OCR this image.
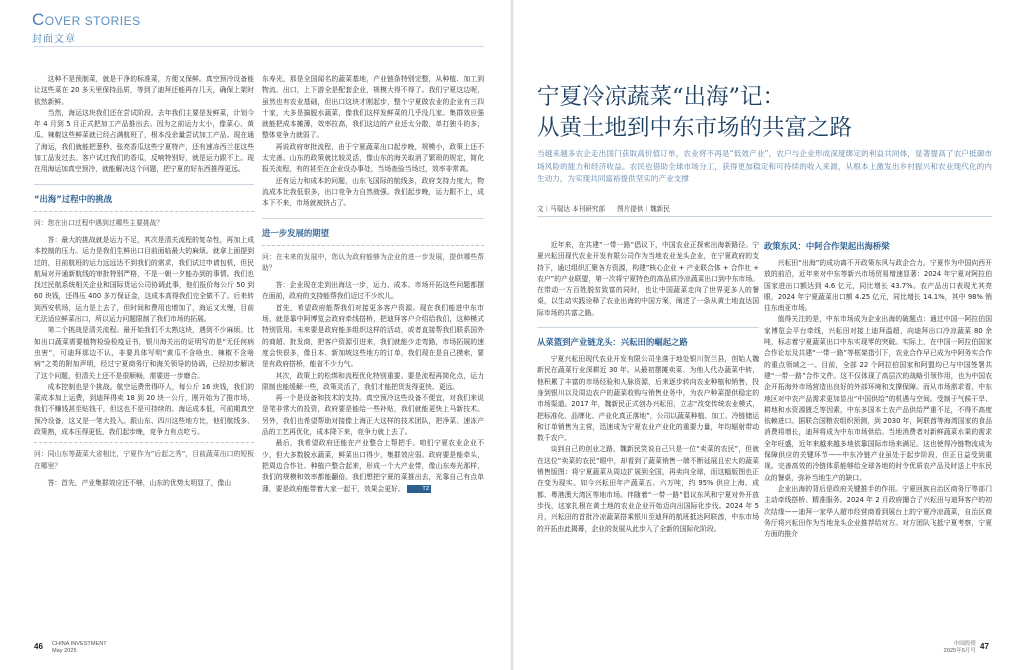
COVER STORIES
封面文章

这种不是预制菜，就是干净的标准菜，方便又保鲜。真空预冷设备能让这些菜在 20 多天里保持品质，等到了迪拜还能再存几天，确保上架时依然新鲜。

当然，海运这块我们还在尝试阶段。去年我们主要是发鲜菜，计划今年 4 月到 5 月正式把加工产品推出去。因为之前运力太小，像菜心、黄瓜、辣椒这些鲜菜就已经占满航班了，根本没余量尝试加工产品。现在通了海运，我们就能把葱秒、张亮香瓜这些宁夏特产，还有速冻西兰花这些加工品发过去。客户试过我们的香瓜，反响特别好，就是运力跟不上。现在用海运加真空预冷，就能解决这个问题，把宁夏的好东西推得更远。

“出海”过程中的挑战
问：您在出口过程中遇到过哪些主要挑战？

答：最大的挑战就是运力不足，其次是清关流程的复杂性，再加上成本控制的压力。运力是我们生鲜出口目前面临最大的麻烦。就拿上面提到过的，目前航班的运力远远达不到我们的需求，我们试过申请包机，但民航局对开通新航线的审批特别严格，不是一朝一夕能办到的事情。我们也找过民航系统相关企业和国际货运公司协调此事，他们报价每公斤 50 到 60 块钱，还得压 400 多万保证金，这成本高得我们完全做不了。后来转到西安机场，运力是上去了，但时间和费用也增加了，海运又太慢，目前无法适应鲜菜出口，所以运力问题限制了我们市场的拓展。

第二个挑战是清关流程。最开始我们不太熟这块，遇到不少麻烦。比如出口蔬菜需要植物检验检疫证书，银川海关出的证明写的是“无任何病虫害”，可迪拜那边不认，非要具体写明“黄瓜不含啥虫、辣椒不含啥病”之类的附加声明，经过宁夏商务厅和海关领导的协调，已经初步解决了这个问题，但清关上还不是很顺畅，需要进一步磨合。

成本控制也是个挑战。航空运费贵得吓人，每公斤 16 块钱，我们的菜成本加上运费，到迪拜得卖 18 到 20 块一公斤，刚开始为了推市场，我们不赚钱甚至贴钱干，但这也不是可持续的。海运成本低，可前期真空预冷设备，这又是一笔大投入。跟山东、四川这些地方比，他们航线多、政策熟，成本压得更低，我们起步晚，竞争力有点吃亏。

问：同山东等蔬菜大省相比，宁夏作为“后起之秀”，目前蔬菜出口的短板在哪里？

答：首先，产业集群效应还不够，山东的优势太明显了，像山

东寿光，那是全国闻名的蔬菜基地，产业链条特别完整，从种植、加工到物流、出口，上下游全是配套企业，规模大得不得了。我们宁夏这边呢，虽然也有农业基础，但出口这块才刚起步，整个宁夏做农业的企业有三四十家，大多是搞脱水蔬菜，像我们这样发鲜菜的几乎没几家。集群效应强就能把成本摊薄，效率拉高，我们这边的产业还太分散，单打独斗的多，整体竞争力就弱了。

再说政府审批流程，由于宁夏蔬菜出口起步晚，规模小，政策上还不太完善。山东的政策就比较灵活，像山东的海关取消了繁琐的规定，简化报关流程，有的甚至在企业设办事处，当场查验当场过，效率非常高。

还有运力和成本的问题，山东飞国际的航线多，政府支持力度大，物流成本比我低很多，出口竞争力自然就强。我们起步晚，运力跟不上，成本下不来，市场就被挤占了。

进一步发展的期望
问：在未来的发展中，您认为政府能够为企业的进一步发展，提供哪些帮助？

答：企业现在走到出海这一步，运力、成本、市场开拓这些问题都摆在面前，政府的支持能帮我们迈过不少坎儿。

首先，希望政府能帮我们对接更多客户资源。现在我们能进中东市场，就是靠中阿博览会政府牵线搭桥，把迪拜客户介绍给我们，这种模式特别管用。未来要是政府能多组织这样的活动，或者直接帮我们联系国外的商超、批发商，把客户资源引进来，我们就能少走弯路，市场拓展的速度会快很多，像日本、新加坡这些地方的订单，我们现在是自己摸索，要是有政府搭桥，能省不少力气。

其次，政策上的松绑和流程优化特别重要。要是流程再简化点，运力限制也能缓解一些，政策灵活了，我们才能把货发得更快、更远。

再一个是设备和技术的支持。真空预冷这些设备不便宜，对我们来说是笔非常大的投资，政府要是能给一些补贴，我们就能更快上马新技术。另外，我们也希望帮助对接像上海正大这样的技术团队，把净菜、速冻产品的工艺再优化，成本降下来，竞争力就上去了。

最后，我希望政府还能在产业整合上帮把手。咱们宁夏农业企业不少，但大多数脱水蔬菜，鲜菜出口得少，集群效应弱。政府要是能牵头，把周边合作社、种植户整合起来，形成一个大产业带，像山东寿光那样，我们的规模和效率都能翻倍。我们想把宁夏的菜推出去，光靠自己有点单薄，要是政府能带着大家一起干，效果会更好。	TZ

宁夏冷凉蔬菜“出海”记：
从黄土地到中东市场的共富之路
当越来越多农企走出国门获取高价值订单，农业将不再是“低效产业”，农户与企业形成深度绑定的利益共同体，显著提高了农户抵御市场风险的能力和经济收益。农民也借助全球市场分工，获得更加稳定和可持续的收入来源，从根本上激发出乡村振兴和农业现代化的内生动力，为实现共同富裕提供坚实的产业支撑
文｜马瑞达 本刊研究部 图片提供｜魏新民

近年来，在共建“一带一路”倡议下，中国农业正探索出海新路径。宁夏兴耘田现代农业开发有限公司作为当地农业龙头企业，在宁夏政府的支持下，通过组织汇聚各方资源，构建“核心企业 + 产业联合体 + 合作社 + 农户”的产业联盟，第一次将宁夏特色的高品质冷凉蔬菜出口到中东市场。在带动一方百姓脱贫致富的同时，也让中国蔬菜走向了世界更多人的餐桌，以生动实践诠释了农业出海的中国方案，阐述了一条从黄土地直达国际市场的共富之路。

从菜篮到产业链龙头：兴耘田的崛起之路

宁夏兴耘田现代农业开发有限公司坐落于地处银川贺兰县，创始人魏新民在蔬菜行业深耕近 30 年。从最初摆摊卖菜、为他人代办蔬菜中转，他积累了丰富的市场经验和人脉资源，后来逐步转向农业种植和销售，投身到银川以及周边农户的蔬菜收购与销售业务中，为农户种菜提供稳定的市场渠道。2017 年，魏新民正式创办兴耘田，立志“改变传统农业模式，把标准化、品牌化、产业化真正落地”，公司以蔬菜种植、加工、冷链储运和订单销售为主营，迅速成为宁夏农业产业化的重要力量，年均辐射带动数千农户。

谈到自己的创业之路，魏新民笑说自己只是一位“卖菜的农民”，但就在这位“卖菜的农民”眼中，却看到了蔬菜销售一端不断延展且宏大的蔬菜销售版图：将宁夏蔬菜从周边扩展到全国，再卖向全球，而这幅版图也正在变为现实。如今兴耘田年产蔬菜五、六万吨，约 95% 供应上海、成都、粤港澳大湾区等地市场。伴随着“一带一路”倡议东风和宁夏对外开放步伐，这家扎根在黄土地的农业企业开始迈向出国际化步伐。2024 年 5 月，兴耘田的首批冷凉蔬菜搭乘银川至迪拜的航班抵达阿联酋，中东市场的开拓由此揭幕，企业的发展从此步入了全新的国际化阶段。

政策东风：中阿合作架起出海桥梁

兴耘田“出海”的成功离不开政策东风与政企合力。宁夏作为中国向西开放的前沿，近年来对中东等新兴市场贸易增速显著：2024 年宁夏对阿拉伯国家进出口额达到 4.6 亿元，同比增长 43.7%。农产品出口表现尤其亮眼，2024 年宁夏蔬菜出口额 4.25 亿元，同比增长 14.1%，其中 98% 销往东南亚市场。

值得关注的是，中东市场成为企业出海的破题点：通过中国一阿拉伯国家博览会平台牵线，兴耘田对接上迪拜温超，向迪拜出口冷凉蔬菜 80 余吨，标志着宁夏蔬菜出口中东实现零的突破。实际上，在中国一阿拉伯国家合作论坛及共建“一带一路”等框架指引下，农业合作早已成为中阿务实合作的重点领域之一。目前，全部 22 个阿拉伯国家和阿盟均已与中国签署共建“一带一路”合作文件。这不仅体现了高层次的战略引领作用，也为中国农企开拓海外市场营造出良好的外部环境和支撑保障。而从市场需求看，中东地区对中农产品需求更加显出“中国供给”的机遇与空间。受制于气候干旱、耕地和水资源匮乏等因素，中东多国本土农产品供给严重不足，不得不高度依赖进口。据联合国粮农组织预测，到 2030 年，阿联酋等海湾国家的食品消费将增长，迪拜将成为中东市场供给。当地消费者对新鲜蔬菜水果的需求全年旺盛，近年来越来越多地依靠国际市场来满足。这也使得冷链物流成为保障供应的关键环节——中东冷链产业虽处于起步阶段，但正日益受到重视。完善高效的冷链体系能够给全球各地的时令优质农产品及时送上中东民众的餐桌，弥补当地生产的缺口。

企业出海的背后是政府关键推手的作用。宁夏回族自治区商务厅等部门主动牵线搭桥、精准服务。2024 年 2 月政府撮合了兴耘田与迪拜客户的初次结缘——迪拜一家华人超市经营商看到展台上的宁夏冷凉蔬菜，自治区商务厅将兴耘田作为当地龙头企业推荐给对方。对方团队飞抵宁夏考察，宁夏方面的推介

46 CHINA INVESTMENT
May 2025
中国投资
2025年5月号 47
